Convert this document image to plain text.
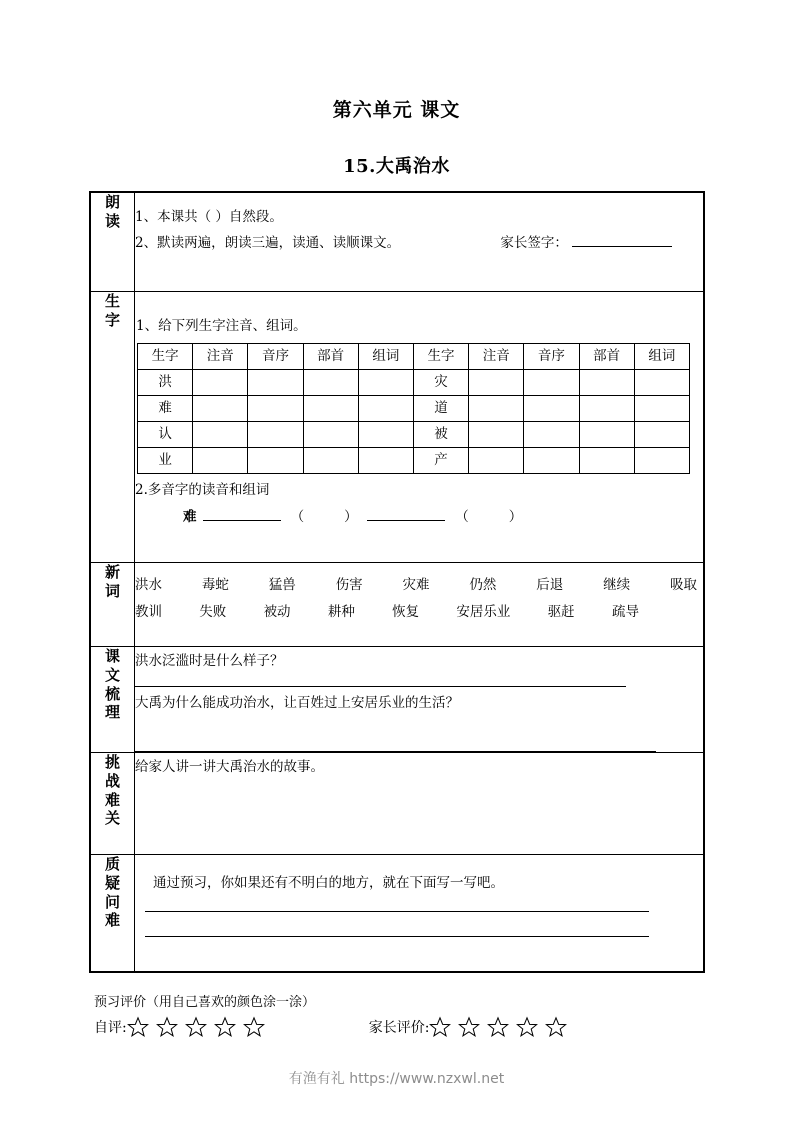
第六单元 课文
15.大禹治水
朗
读	1、本课共（ ）自然段。
2、默读两遍，朗读三遍，读通、读顺课文。	家长签字：

生
字	1、给下列生字注音、组词。
生字	注音	音序	部首	组词	生字	注音	音序	部首	组词
洪					灾				
难					道				
认					被				
业					产				
2.多音字的读音和组词
难	（	）	（	）

新
词	洪水	毒蛇	猛兽	伤害	灾难	仍然	后退	继续	吸取
教训	失败	被动	耕种	恢复	安居乐业	驱赶	疏导

课
文
梳
理

洪水泛滥时是什么样子？
大禹为什么能成功治水，让百姓过上安居乐业的生活？

挑
战
难
关

给家人讲一讲大禹治水的故事。

质
疑
问
难

通过预习，你如果还有不明白的地方，就在下面写一写吧。
预习评价（用自己喜欢的颜色涂一涂）
自评:	家长评价:
有渔有礼 https://www.nzxwl.net
